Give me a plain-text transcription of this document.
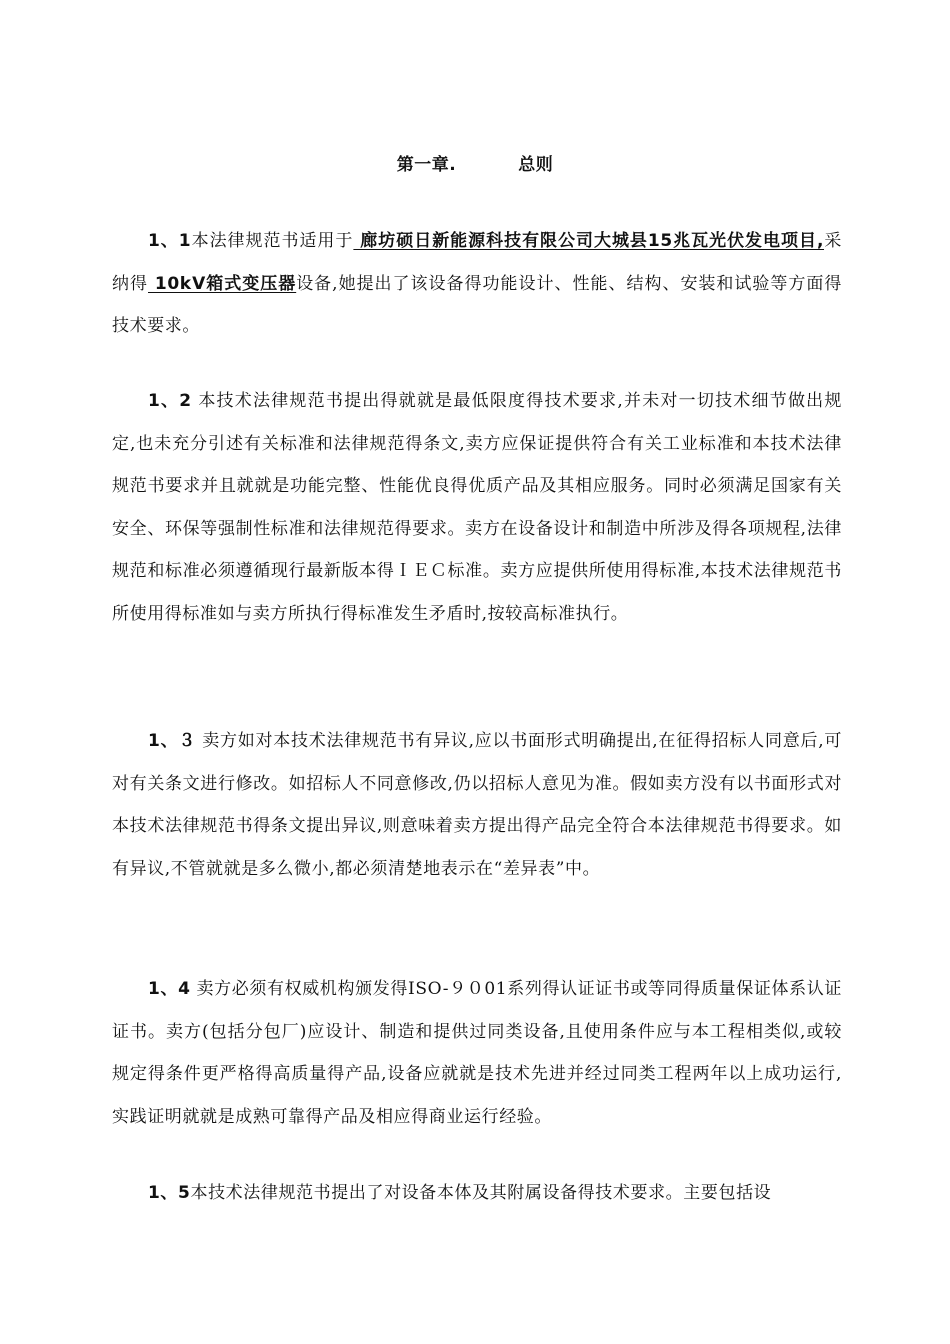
第一章.	总则
1、1本法律规范书适用于 廊坊硕日新能源科技有限公司大城县15兆瓦光伏发电项目,采纳得 10kⅤ箱式变压器设备,她提出了该设备得功能设计、性能、结构、安装和试验等方面得技术要求。
1、2 本技术法律规范书提出得就就是最低限度得技术要求,并未对一切技术细节做出规定,也未充分引述有关标准和法律规范得条文,卖方应保证提供符合有关工业标准和本技术法律规范书要求并且就就是功能完整、性能优良得优质产品及其相应服务。同时必须满足国家有关安全、环保等强制性标准和法律规范得要求。卖方在设备设计和制造中所涉及得各项规程,法律规范和标准必须遵循现行最新版本得ＩＥＣ标准。卖方应提供所使用得标准,本技术法律规范书所使用得标准如与卖方所执行得标准发生矛盾时,按较高标准执行。
1、３ 卖方如对本技术法律规范书有异议,应以书面形式明确提出,在征得招标人同意后,可对有关条文进行修改。如招标人不同意修改,仍以招标人意见为准。假如卖方没有以书面形式对本技术法律规范书得条文提出异议,则意味着卖方提出得产品完全符合本法律规范书得要求。如有异议,不管就就是多么微小,都必须清楚地表示在“差异表”中。
1、4 卖方必须有权威机构颁发得ISO-９０01系列得认证证书或等同得质量保证体系认证证书。卖方(包括分包厂)应设计、制造和提供过同类设备,且使用条件应与本工程相类似,或较规定得条件更严格得高质量得产品,设备应就就是技术先进并经过同类工程两年以上成功运行,实践证明就就是成熟可靠得产品及相应得商业运行经验。
1、5本技术法律规范书提出了对设备本体及其附属设备得技术要求。主要包括设
